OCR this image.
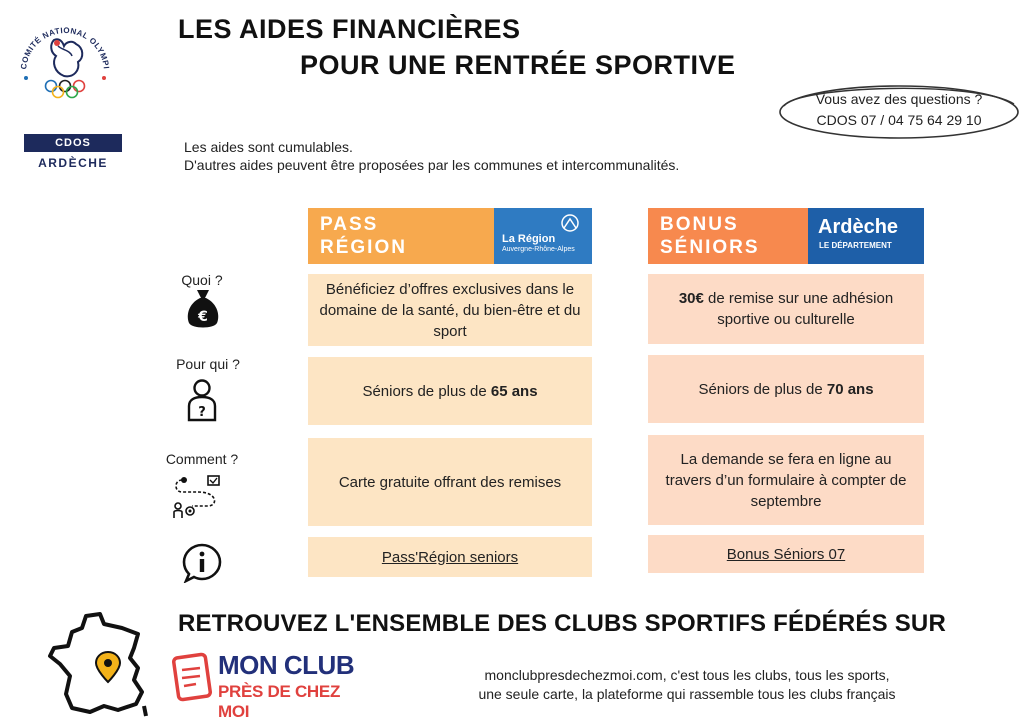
COMITÉ NATIONAL OLYMPI
CDOS
ARDÈCHE
LES AIDES FINANCIÈRES
POUR UNE RENTRÉE SPORTIVE
Vous avez des questions ?
CDOS 07 / 04 75 64 29 10
Les aides sont cumulables.
D'autres aides peuvent être proposées par les communes et intercommunalités.
PASS
RÉGION	La Région
Auvergne-Rhône-Alpes
BONUS
SÉNIORS
Ardèche
LE DÉPARTEMENT
Quoi ?
€
Pour qui ?
?
Comment ?
Bénéficiez d’offres exclusives dans le domaine de la santé, du bien-être et du sport
Séniors de plus de 65 ans
Carte gratuite offrant des remises
Pass'Région seniors
30€ de remise sur une adhésion sportive ou culturelle
Séniors de plus de 70 ans
La demande se fera en ligne au travers d’un formulaire à compter de septembre
Bonus Séniors 07
RETROUVEZ L'ENSEMBLE DES CLUBS SPORTIFS FÉDÉRÉS SUR
MON CLUB
PRÈS DE CHEZ MOI
monclubpresdechezmoi.com, c'est tous les clubs, tous les sports,
une seule carte, la plateforme qui rassemble tous les clubs français
